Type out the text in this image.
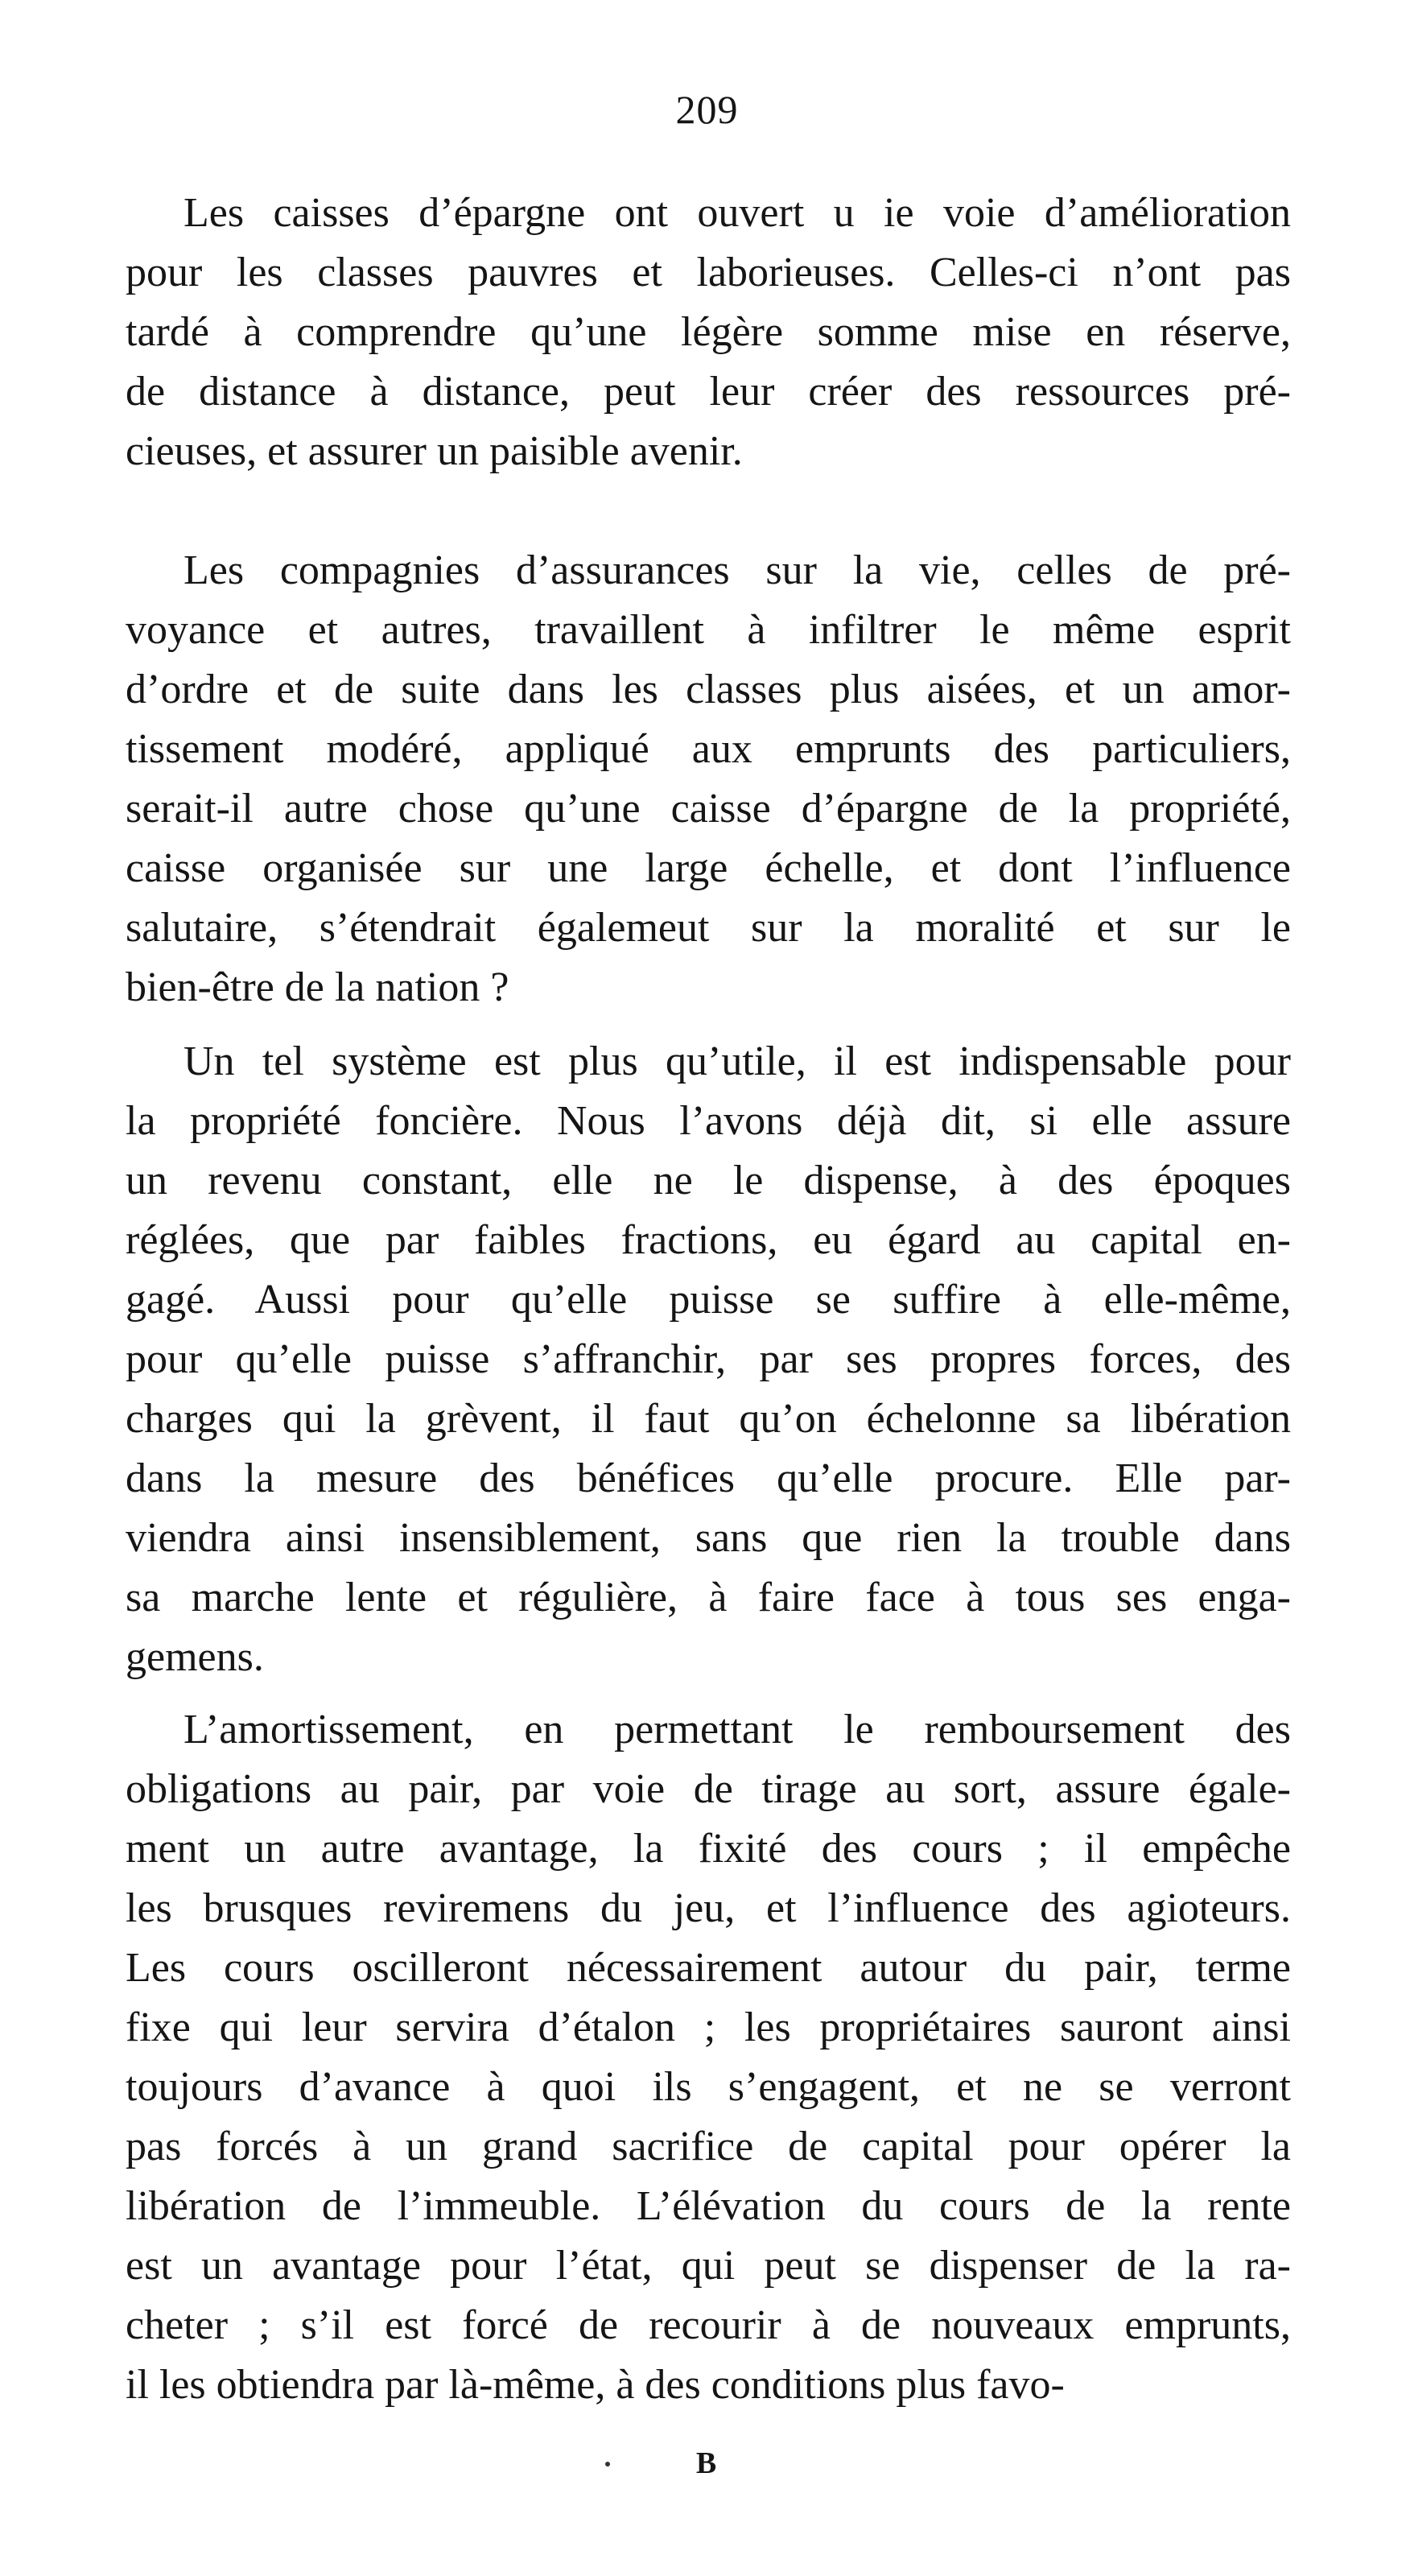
209
Les caisses d’épargne ont ouvert u ie voie d’amélioration
pour les classes pauvres et laborieuses. Celles-ci n’ont pas
tardé à comprendre qu’une légère somme mise en réserve,
de distance à distance, peut leur créer des ressources pré-
cieuses, et assurer un paisible avenir.
Les compagnies d’assurances sur la vie, celles de pré-
voyance et autres, travaillent à infiltrer le même esprit
d’ordre et de suite dans les classes plus aisées, et un amor-
tissement modéré, appliqué aux emprunts des particuliers,
serait-il autre chose qu’une caisse d’épargne de la propriété,
caisse organisée sur une large échelle, et dont l’influence
salutaire, s’étendrait égalemeut sur la moralité et sur le
bien-être de la nation ?
Un tel système est plus qu’utile, il est indispensable pour
la propriété foncière. Nous l’avons déjà dit, si elle assure
un revenu constant, elle ne le dispense, à des époques
réglées, que par faibles fractions, eu égard au capital en-
gagé. Aussi pour qu’elle puisse se suffire à elle-même,
pour qu’elle puisse s’affranchir, par ses propres forces, des
charges qui la grèvent, il faut qu’on échelonne sa libération
dans la mesure des bénéfices qu’elle procure. Elle par-
viendra ainsi insensiblement, sans que rien la trouble dans
sa marche lente et régulière, à faire face à tous ses enga-
gemens.
L’amortissement, en permettant le remboursement des
obligations au pair, par voie de tirage au sort, assure égale-
ment un autre avantage, la fixité des cours ; il empêche
les brusques reviremens du jeu, et l’influence des agioteurs.
Les cours oscilleront nécessairement autour du pair, terme
fixe qui leur servira d’étalon ; les propriétaires sauront ainsi
toujours d’avance à quoi ils s’engagent, et ne se verront
pas forcés à un grand sacrifice de capital pour opérer la
libération de l’immeuble. L’élévation du cours de la rente
est un avantage pour l’état, qui peut se dispenser de la ra-
cheter ; s’il est forcé de recourir à de nouveaux emprunts,
il les obtiendra par là-même, à des conditions plus favo-
B
